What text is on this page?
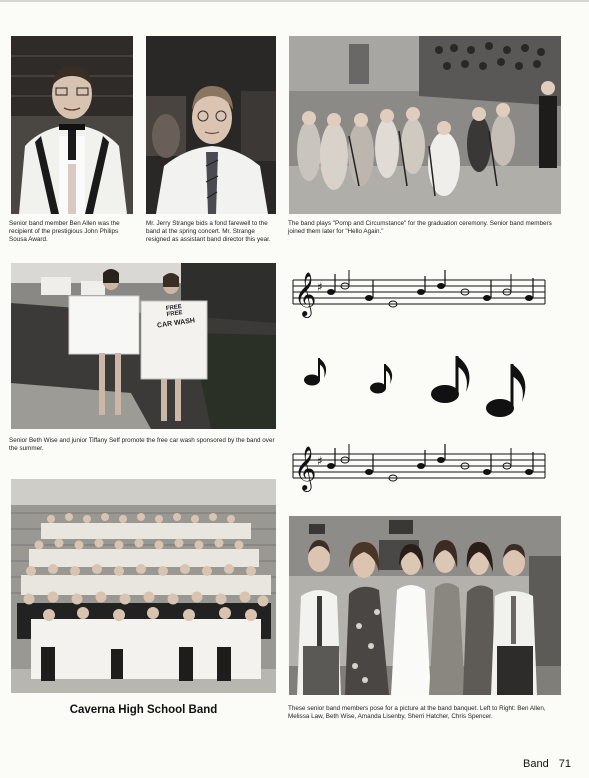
Senior band member Ben Allen was the recipient of the prestigious John Philips Sousa Award.

Mr. Jerry Strange bids a fond farewell to the band at the spring concert. Mr. Strange resigned as assistant band director this year.

The band plays "Pomp and Circumstance" for the graduation ceremony. Senior band members joined them later for "Hello Again."

FREE
FREE
CAR WASH

Senior Beth Wise and junior Tiffany Self promote the free car wash sponsored by the band over the summer.

𝄞 ♯
𝄞 ♯

Caverna High School Band	These senior band members pose for a picture at the band banquet. Left to Right: Ben Allen, Melissa Law, Beth Wise, Amanda Lisenby, Sherri Hatcher, Chris Spencer.

Band 71
